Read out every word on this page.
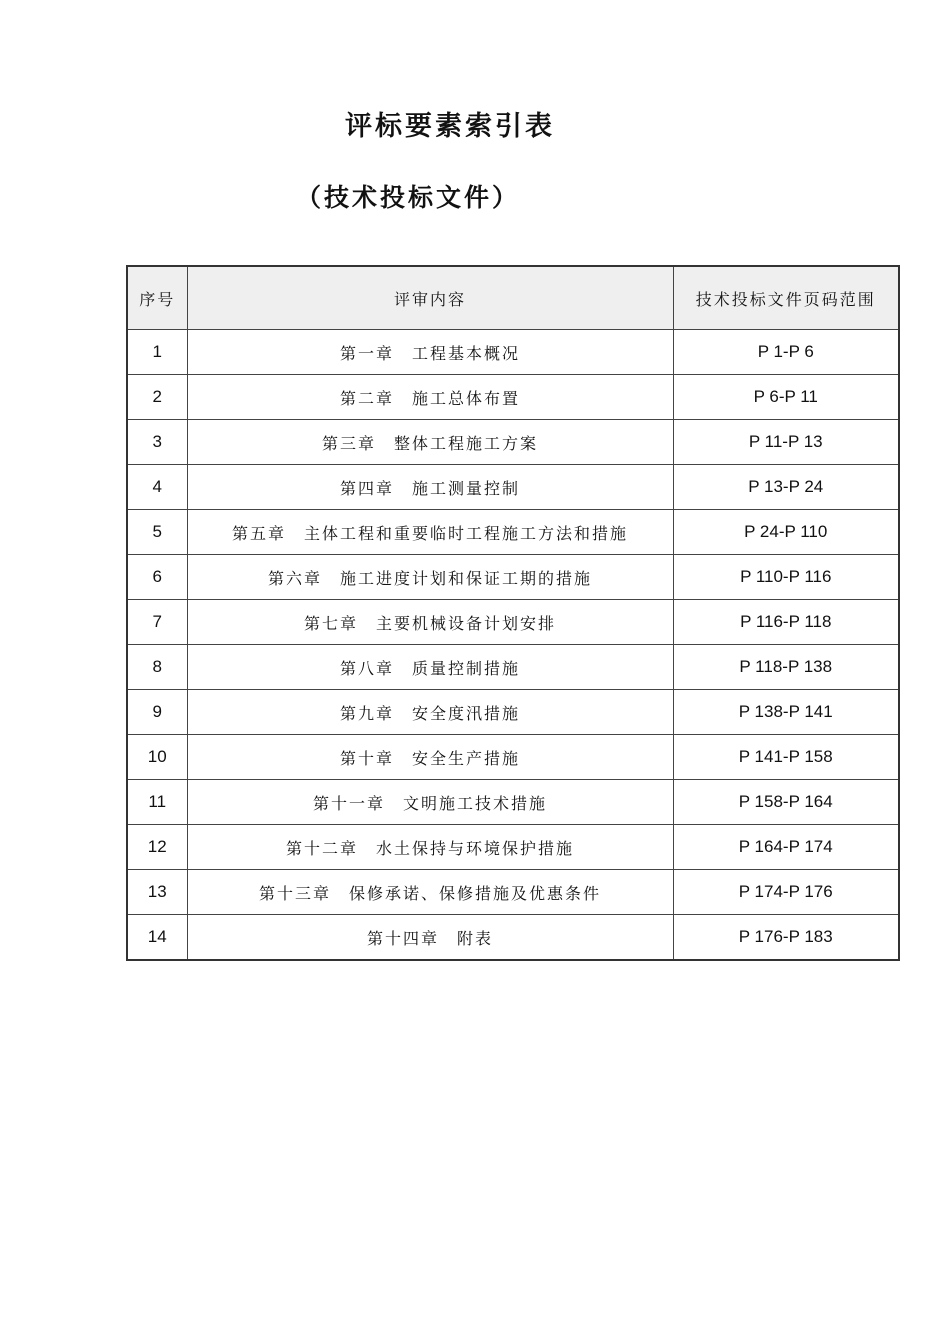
评标要素索引表
（技术投标文件）
序号	评审内容	技术投标文件页码范围
1	第一章　工程基本概况	P 1-P 6
2	第二章　施工总体布置	P 6-P 11
3	第三章　整体工程施工方案	P 11-P 13
4	第四章　施工测量控制	P 13-P 24
5	第五章　主体工程和重要临时工程施工方法和措施	P 24-P 110
6	第六章　施工进度计划和保证工期的措施	P 110-P 116
7	第七章　主要机械设备计划安排	P 116-P 118
8	第八章　质量控制措施	P 118-P 138
9	第九章　安全度汛措施	P 138-P 141
10	第十章　安全生产措施	P 141-P 158
11	第十一章　文明施工技术措施	P 158-P 164
12	第十二章　水土保持与环境保护措施	P 164-P 174
13	第十三章　保修承诺、保修措施及优惠条件	P 174-P 176
14	第十四章　附表	P 176-P 183
